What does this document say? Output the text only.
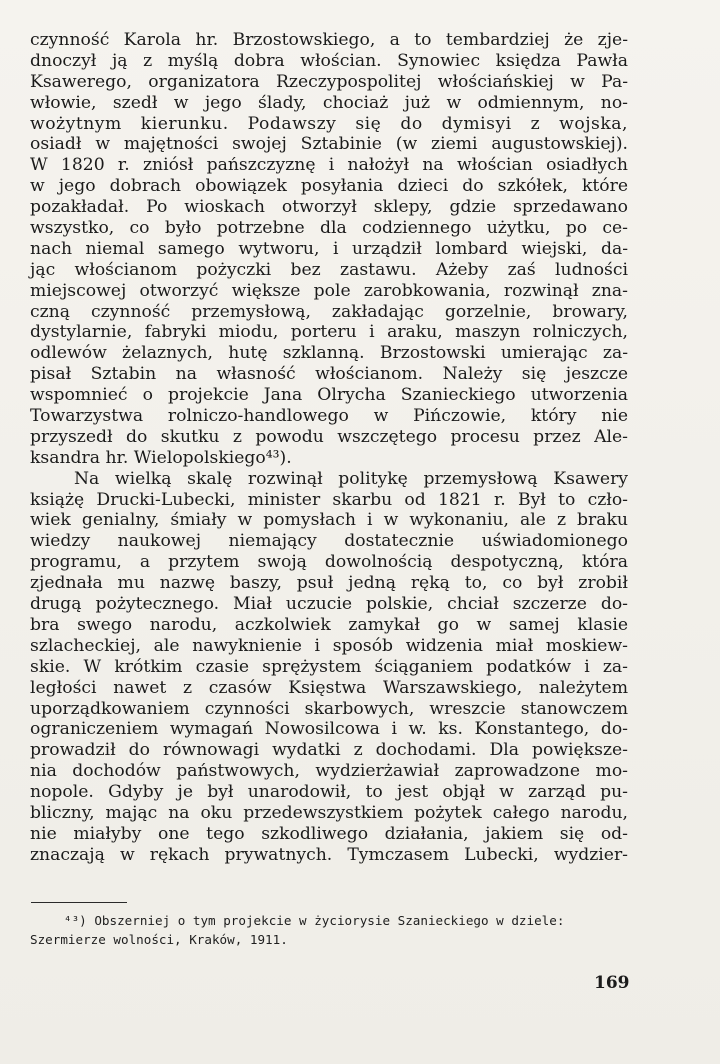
czynność Karola hr. Brzostowskiego, a to tembardziej że zje-
dnoczył ją z myślą dobra włościan. Synowiec księdza Pawła
Ksawerego, organizatora Rzeczypospolitej włościańskiej w Pa-
włowie, szedł w jego ślady, chociaż już w odmiennym, no-
wożytnym kierunku. Podawszy się do dymisyi z wojska,
osiadł w majętności swojej Sztabinie (w ziemi augustowskiej).
W 1820 r. zniósł pańszczyznę i nałożył na włościan osiadłych
w jego dobrach obowiązek posyłania dzieci do szkółek, które
pozakładał. Po wioskach otworzył sklepy, gdzie sprzedawano
wszystko, co było potrzebne dla codziennego użytku, po ce-
nach niemal samego wytworu, i urządził lombard wiejski, da-
jąc włościanom pożyczki bez zastawu. Ażeby zaś ludności
miejscowej otworzyć większe pole zarobkowania, rozwinął zna-
czną czynność przemysłową, zakładając gorzelnie, browary,
dystylarnie, fabryki miodu, porteru i araku, maszyn rolniczych,
odlewów żelaznych, hutę szklanną. Brzostowski umierając za-
pisał Sztabin na własność włościanom. Należy się jeszcze
wspomnieć o projekcie Jana Olrycha Szanieckiego utworzenia
Towarzystwa rolniczo-handlowego w Pińczowie, który nie
przyszedł do skutku z powodu wszczętego procesu przez Ale-
ksandra hr. Wielopolskiego⁴³).
Na wielką skalę rozwinął politykę przemysłową Ksawery
książę Drucki-Lubecki, minister skarbu od 1821 r. Był to czło-
wiek genialny, śmiały w pomysłach i w wykonaniu, ale z braku
wiedzy naukowej niemający dostatecznie uświadomionego
programu, a przytem swoją dowolnością despotyczną, która
zjednała mu nazwę baszy, psuł jedną ręką to, co był zrobił
drugą pożytecznego. Miał uczucie polskie, chciał szczerze do-
bra swego narodu, aczkolwiek zamykał go w samej klasie
szlacheckiej, ale nawyknienie i sposób widzenia miał moskiew-
skie. W krótkim czasie sprężystem ściąganiem podatków i za-
ległości nawet z czasów Księstwa Warszawskiego, należytem
uporządkowaniem czynności skarbowych, wreszcie stanowczem
ograniczeniem wymagań Nowosilcowa i w. ks. Konstantego, do-
prowadził do równowagi wydatki z dochodami. Dla powiększe-
nia dochodów państwowych, wydzierżawiał zaprowadzone mo-
nopole. Gdyby je był unarodowił, to jest objął w zarząd pu-
bliczny, mając na oku przedewszystkiem pożytek całego narodu,
nie miałyby one tego szkodliwego działania, jakiem się od-
znaczają w rękach prywatnych. Tymczasem Lubecki, wydzier-
⁴³) Obszerniej o tym projekcie w życiorysie Szanieckiego w dziele:
Szermierze wolności, Kraków, 1911.
169
